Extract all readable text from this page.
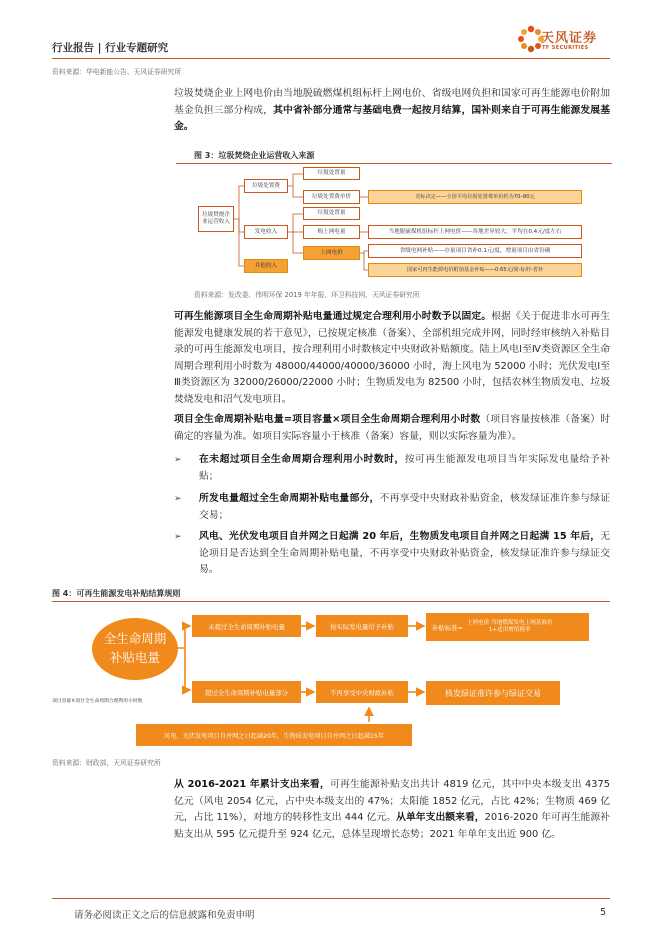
行业报告 | 行业专题研究
天风证券
TF SECURITIES
资料来源：华电新能公告、天风证券研究所
垃圾焚烧企业上网电价由当地脱硫燃煤机组标杆上网电价、省级电网负担和国家可再生能源电价附加基金负担三部分构成，其中省补部分通常与基础电费一起按月结算，国补则来自于可再生能源发展基金。
图 3：垃圾焚烧企业运营收入来源
垃圾焚烧企
业运营收入
垃圾处置费
发电收入
其他收入
垃圾处置量
垃圾处置费单价
垃圾处置量
购上网电量
上网电价
竞标决定——全国平均垃圾处置费单价约为70–80元
当地脱硫煤机组标杆上网电价——各地差异较大，平均在0.4元/度左右
省级电网补贴——存量项目省补0.1元/度，增量项目由省份确
国家可再生能源电价附加基金补贴——0.65元/度-标杆-省补
资料来源：发改委、伟明环保 2019 年年报、环卫科技网、天风证券研究所
可再生能源项目全生命周期补贴电量通过规定合理利用小时数予以固定。根据《关于促进非水可再生能源发电健康发展的若干意见》，已按规定核准（备案）、全部机组完成并网，同时经审核纳入补贴目录的可再生能源发电项目，按合理利用小时数核定中央财政补贴额度。陆上风电Ⅰ至Ⅳ类资源区全生命周期合理利用小时数为 48000/44000/40000/36000 小时，海上风电为 52000 小时；光伏发电Ⅰ至Ⅲ类资源区为 32000/26000/22000 小时；生物质发电为 82500 小时，包括农林生物质发电、垃圾焚烧发电和沼气发电项目。
项目全生命周期补贴电量=项目容量×项目全生命周期合理利用小时数（项目容量按核准（备案）时确定的容量为准。如项目实际容量小于核准（备案）容量，则以实际容量为准）。
➢	在未超过项目全生命周期合理利用小时数时，按可再生能源发电项目当年实际发电量给予补贴；
➢	所发电量超过全生命周期补贴电量部分，不再享受中央财政补贴资金，核发绿证准许参与绿证交易；
➢	风电、光伏发电项目自并网之日起满 20 年后，生物质发电项目自并网之日起满 15 年后，无论项目是否达到全生命周期补贴电量，不再享受中央财政补贴资金，核发绿证准许参与绿证交易。
图 4：可再生能源发电补贴结算规则
全生命周期
补贴电量
项目容量×项目全生命周期合理利用小时数
未超过全生命周期补贴电量	按实际发电量给予补贴	补贴标准=
上网电价·当地燃煤发电上网基准价
1+适用增值税率
超过全生命周期补贴电量部分	不再享受中央财政补贴	核发绿证准许参与绿证交易
风电、光伏发电项目自并网之日起满20年，生物质发电项目自并网之日起满15年
资料来源：财政部，天风证券研究所
从 2016-2021 年累计支出来看，可再生能源补贴支出共计 4819 亿元，其中中央本级支出 4375 亿元（风电 2054 亿元，占中央本级支出的 47%；太阳能 1852 亿元，占比 42%；生物质 469 亿元，占比 11%），对地方的转移性支出 444 亿元。从单年支出额来看，2016-2020 年可再生能源补贴支出从 595 亿元提升至 924 亿元，总体呈现增长态势；2021 年单年支出近 900 亿。
请务必阅读正文之后的信息披露和免责申明	5
